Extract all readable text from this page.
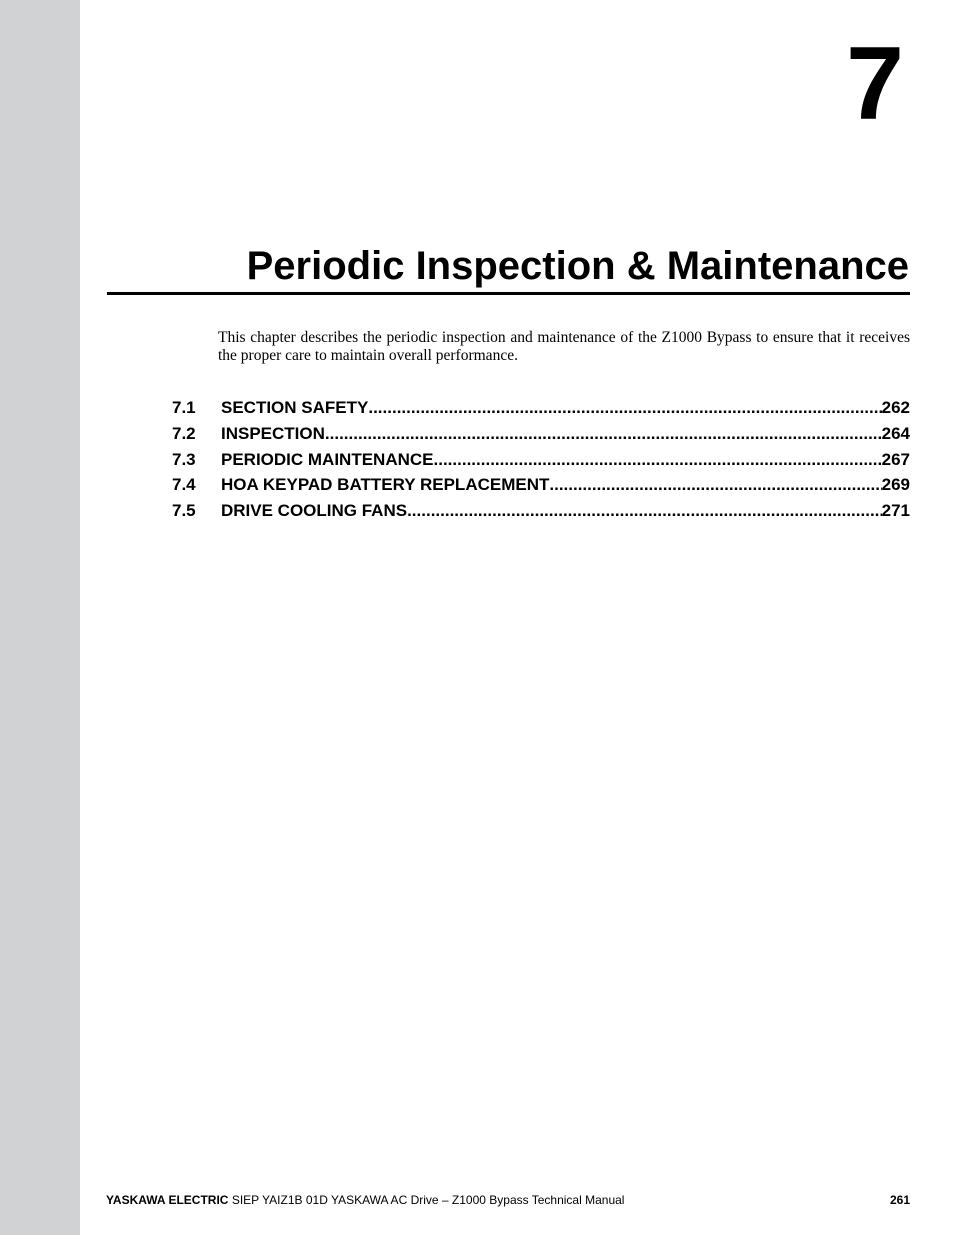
7
Periodic Inspection & Maintenance

This chapter describes the periodic inspection and maintenance of the Z1000 Bypass to ensure that it receives the proper care to maintain overall performance.

7.1	SECTION SAFETY .....	262
7.2	INSPECTION .....	264
7.3	PERIODIC MAINTENANCE .....	267
7.4	HOA KEYPAD BATTERY REPLACEMENT .....	269
7.5	DRIVE COOLING FANS .....	271
YASKAWA ELECTRIC SIEP YAIZ1B 01D YASKAWA AC Drive – Z1000 Bypass Technical Manual	261
